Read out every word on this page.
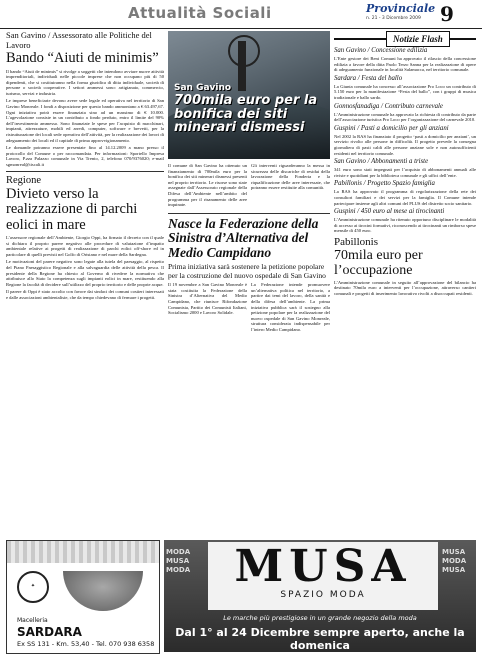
Attualità Sociali	Provinciale
n. 21 - 3 Dicembre 2009 9

San Gavino / Assessorato alle Politiche del Lavoro

Bando “Aiuti de minimis”

Il bando “Aiuti de minimis” si rivolge a soggetti che intendono avviare nuove attività imprenditoriali, individuali nelle piccole imprese che non occupano più di 50 dipendenti, che si costituiranno nella forma giuridica di ditta individuale, società di persone o società cooperative. I settori ammessi sono: artigianato, commercio, turismo, servizi e industria.

Le imprese beneficiarie devono avere sede legale ed operativa nel territorio di San Gavino Monreale. I fondi a disposizione per questo bando ammontano a € 63.497,67. Ogni iniziativa potrà essere finanziata sino ad un massimo di € 10.000. L’agevolazione consiste in un contributo a fondo perduto, entro il limite del 90% dell’investimento ammesso. Sono finanziate le spese per l’acquisto di macchinari, impianti, attrezzature, mobili ed arredi, computer, software e brevetti, per la ristrutturazione dei locali sede operativa dell’attività, per la realizzazione dei lavori di adeguamento dei locali ed il capitale di prima approvvigionamento.

Le domande potranno essere presentate fino al 14.12.2009 a mano presso il protocollo del Comune o per raccomandata. Per informazioni: Sportello Impresa Lavoro, P.zza Palazzo comunale in Via Trento, 2, telefono 070/9376020; e-mail sgmonreal@tiscali.it

Regione

Divieto verso la realizzazione di parchi eolici in mare

L’assessore regionale dell’Ambiente, Giorgio Oppi, ha firmato il decreto con il quale si dichiara il proprio parere negativo alle procedure di valutazione d’impatto ambientale relative ai progetti di realizzazione di parchi eolici off-shore ed in particolare di quelli previsti nel Golfo di Oristano e nel mare della Sardegna.

Le motivazioni del parere negativo sono legate alla tutela del paesaggio, al rispetto del Piano Paesaggistico Regionale e alla salvaguardia delle attività della pesca. Il presidente della Regione ha chiesto al Governo di rivedere la normativa che attribuisce allo Stato la competenza sugli impianti eolici in mare, restituendo alla Regione la facoltà di decidere sull’utilizzo del proprio territorio e delle proprie acque.

Il parere di Oppi è stato accolto con favore dai sindaci dei comuni costieri interessati e dalle associazioni ambientaliste, che da tempo chiedevano di fermare i progetti.

San Gavino
700mila euro per la bonifica dei siti minerari dismessi

Il comune di San Gavino ha ottenuto un finanziamento di 700mila euro per la bonifica dei siti minerari dismessi presenti nel proprio territorio. Le risorse sono state assegnate dall’Assessorato regionale della Difesa dell’Ambiente nell’ambito del programma per il risanamento delle aree inquinate.

Gli interventi riguarderanno la messa in sicurezza delle discariche di residui della lavorazione della Fonderia e la riqualificazione delle aree interessate, che potranno essere restituite alla comunità.

Nasce la Federazione della Sinistra d’Alternativa del Medio Campidano

Prima iniziativa sarà sostenere la petizione popolare per la costruzione del nuovo ospedale di San Gavino

Il 19 novembre a San Gavino Monreale è stata costituita la Federazione della Sinistra d’Alternativa del Medio Campidano, che riunisce Rifondazione Comunista, Partito dei Comunisti Italiani, Socialismo 2000 e Lavoro Solidale.

La Federazione intende promuovere un’alternativa politica nel territorio, a partire dai temi del lavoro, della sanità e della difesa dell’ambiente. La prima iniziativa pubblica sarà il sostegno alla petizione popolare per la realizzazione del nuovo ospedale di San Gavino Monreale, struttura considerata indispensabile per l’intero Medio Campidano.

Notizie Flash

San Gavino / Concessione edilizia

L’Ente gestore dei Beni Comuni ha approvato il rilascio della concessione edilizia a favore della ditta Paolo Terzo Sanna per la realizzazione di opere di adeguamento funzionale in località Salamacca, nel territorio comunale.

Sardara / Festa del ballo

La Giunta comunale ha concesso all’associazione Pro Loco un contributo di 5.150 euro per la manifestazione “Festa del ballo”, con i gruppi di musica tradizionale e ballo sardo.

Gonnosfanadiga / Contributo carnevale

L’Amministrazione comunale ha approvato la richiesta di contributo da parte dell’associazione turistica Pro Loco per l’organizzazione del carnevale 2010.

Guspini / Pasti a domicilio per gli anziani

Nel 2002 la RAS ha finanziato il progetto ‘pasti a domicilio per anziani’, un servizio rivolto alle persone in difficoltà. Il progetto prevede la consegna giornaliera di pasti caldi alle persone anziane sole e non autosufficienti residenti nel territorio comunale.

San Gavino / Abbonamenti a triste

341 euro sono stati impegnati per l’acquisto di abbonamenti annuali alle riviste e quotidiani per la biblioteca comunale e gli uffici dell’ente.

Pabillonis / Progetto Spazio famiglia

La RAS ha approvato il programma di regolarizzazione della rete dei consultori familiari e dei servizi per la famiglia. Il Comune intende partecipare insieme agli altri comuni del PLUS del distretto socio sanitario.

Guspini / 450 euro al mese ai tirocinanti

L’Amministrazione comunale ha ritenuto opportuno disciplinare le modalità di accesso ai tirocini formativi, riconoscendo ai tirocinanti un rimborso spese mensile di 450 euro.

Pabillonis

70mila euro per l’occupazione

L’Amministrazione comunale in seguito all’approvazione del bilancio ha destinato 70mila euro a interventi per l’occupazione, attraverso cantieri comunali e progetti di inserimento lavorativo rivolti a disoccupati residenti.

✦
Macelleria
SARDARA
Ex SS 131 - Km. 53,40 - Tel. 070 938 6358
MODA MUSA MODA
MUSA MODA MUSA
MUSA
SPAZIO MODA
Le marche più prestigiose in un grande negozio della moda
Dal 1° al 24 Dicembre sempre aperto, anche la domenica
